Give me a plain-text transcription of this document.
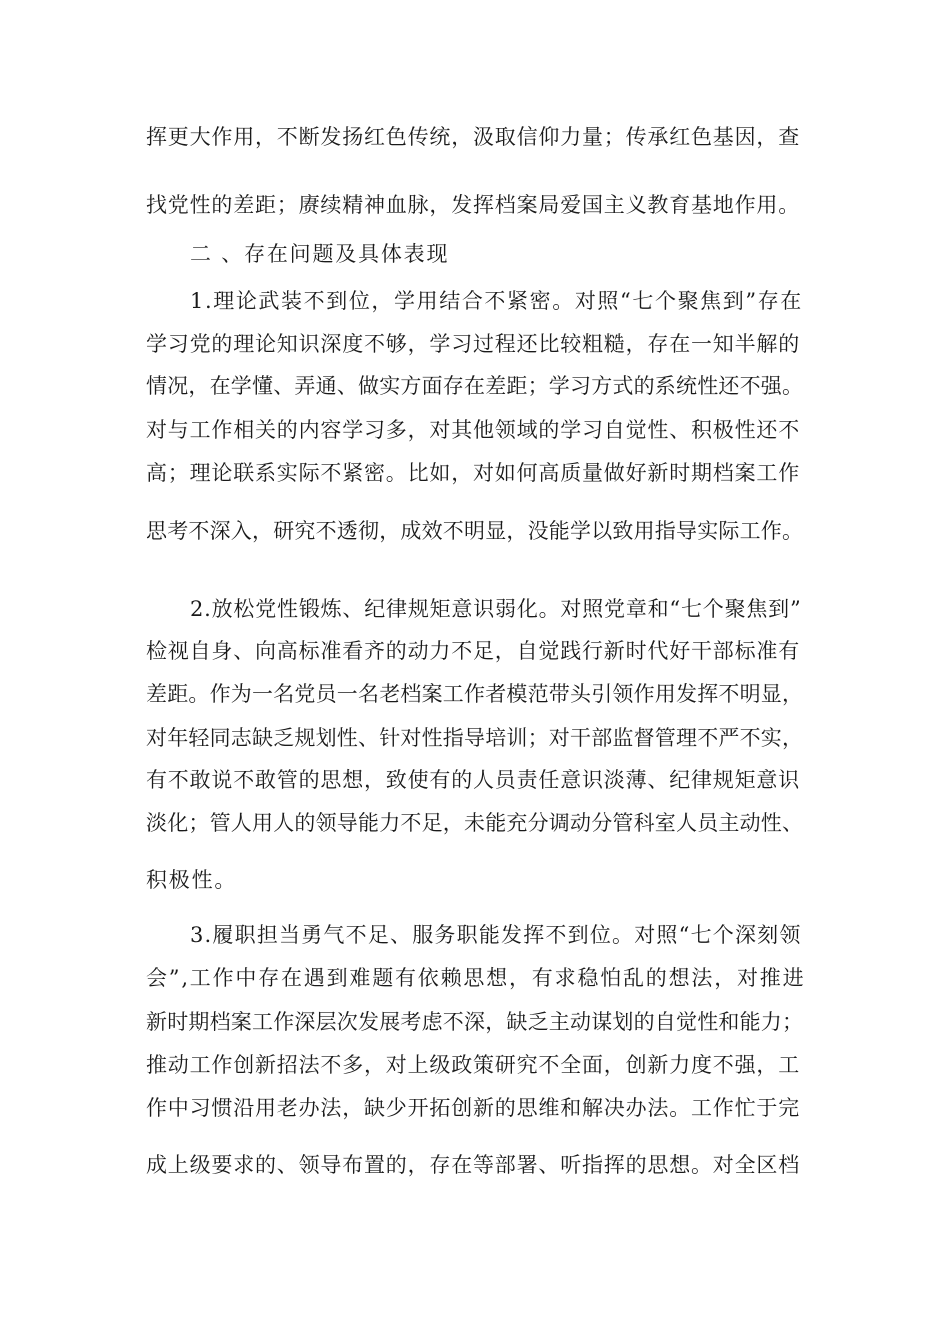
挥更大作用，不断发扬红色传统，汲取信仰力量；传承红色基因，查
找党性的差距；赓续精神血脉，发挥档案局爱国主义教育基地作用。
二 、存在问题及具体表现
1.理论武装不到位，学用结合不紧密。对照“七个聚焦到”存在
学习党的理论知识深度不够，学习过程还比较粗糙，存在一知半解的
情况，在学懂、弄通、做实方面存在差距；学习方式的系统性还不强。
对与工作相关的内容学习多，对其他领域的学习自觉性、积极性还不
高；理论联系实际不紧密。比如，对如何高质量做好新时期档案工作
思考不深入，研究不透彻，成效不明显，没能学以致用指导实际工作。
2.放松党性锻炼、纪律规矩意识弱化。对照党章和“七个聚焦到”
检视自身、向高标准看齐的动力不足，自觉践行新时代好干部标准有
差距。作为一名党员一名老档案工作者模范带头引领作用发挥不明显，
对年轻同志缺乏规划性、针对性指导培训；对干部监督管理不严不实，
有不敢说不敢管的思想，致使有的人员责任意识淡薄、纪律规矩意识
淡化；管人用人的领导能力不足，未能充分调动分管科室人员主动性、
积极性。
3.履职担当勇气不足、服务职能发挥不到位。对照“七个深刻领
会”,工作中存在遇到难题有依赖思想，有求稳怕乱的想法，对推进
新时期档案工作深层次发展考虑不深，缺乏主动谋划的自觉性和能力；
推动工作创新招法不多，对上级政策研究不全面，创新力度不强，工
作中习惯沿用老办法，缺少开拓创新的思维和解决办法。工作忙于完
成上级要求的、领导布置的，存在等部署、听指挥的思想。对全区档
